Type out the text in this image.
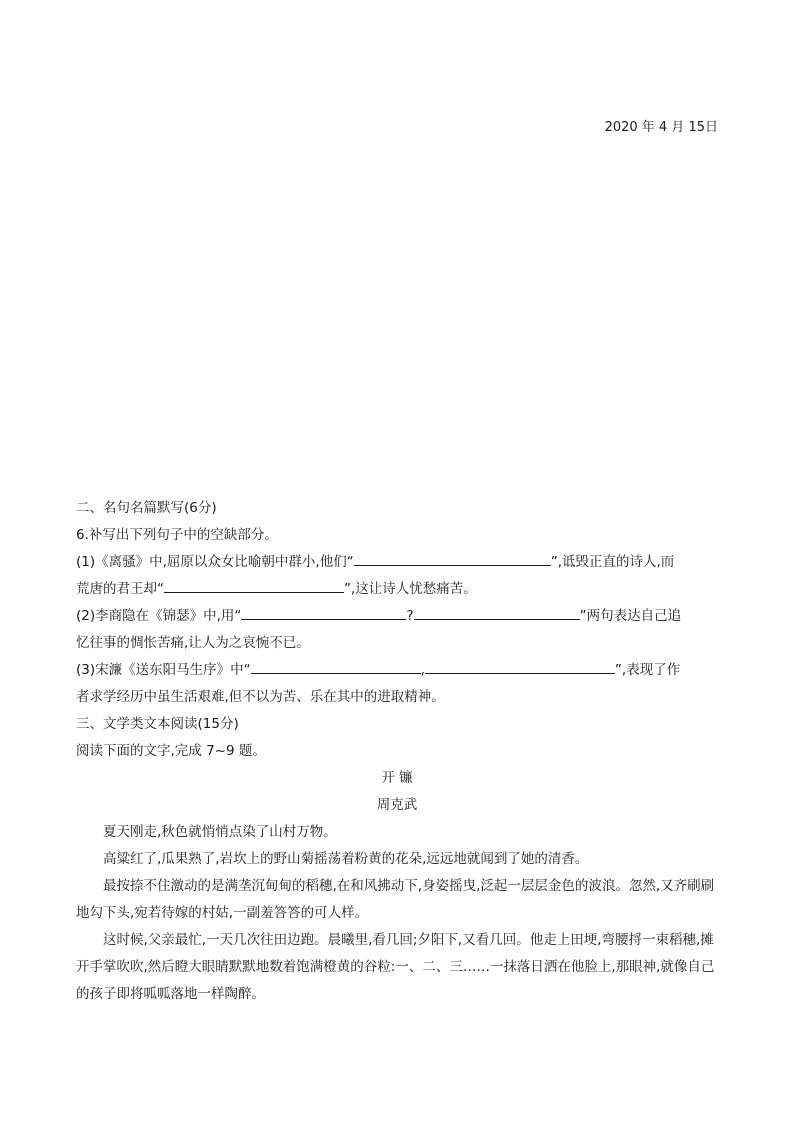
2020 年 4 月 15日
二、名句名篇默写(6分)
6.补写出下列句子中的空缺部分。
(1)《离骚》中,屈原以众女比喻朝中群小,他们“	”,诋毁正直的诗人,而
荒唐的君王却“	”,这让诗人忧愁痛苦。
(2)李商隐在《锦瑟》中,用“	?	”两句表达自己追
忆往事的惆怅苦痛,让人为之哀惋不已。
(3)宋濂《送东阳马生序》中“	,	”,表现了作
者求学经历中虽生活艰难,但不以为苦、乐在其中的进取精神。
三、文学类文本阅读(15分)
阅读下面的文字,完成 7~9 题。
开 镰
周克武
夏天刚走,秋色就悄悄点染了山村万物。
高粱红了,瓜果熟了,岩坎上的野山菊摇荡着粉黄的花朵,远远地就闻到了她的清香。
最按捺不住激动的是满垄沉甸甸的稻穗,在和风拂动下,身姿摇曳,泛起一层层金色的波浪。忽然,又齐刷刷地勾下头,宛若待嫁的村姑,一副羞答答的可人样。
这时候,父亲最忙,一天几次往田边跑。晨曦里,看几回;夕阳下,又看几回。他走上田埂,弯腰捋一束稻穗,摊开手掌吹吹,然后瞪大眼睛默默地数着饱满橙黄的谷粒:一、二、三……一抹落日洒在他脸上,那眼神,就像自己的孩子即将呱呱落地一样陶醉。
